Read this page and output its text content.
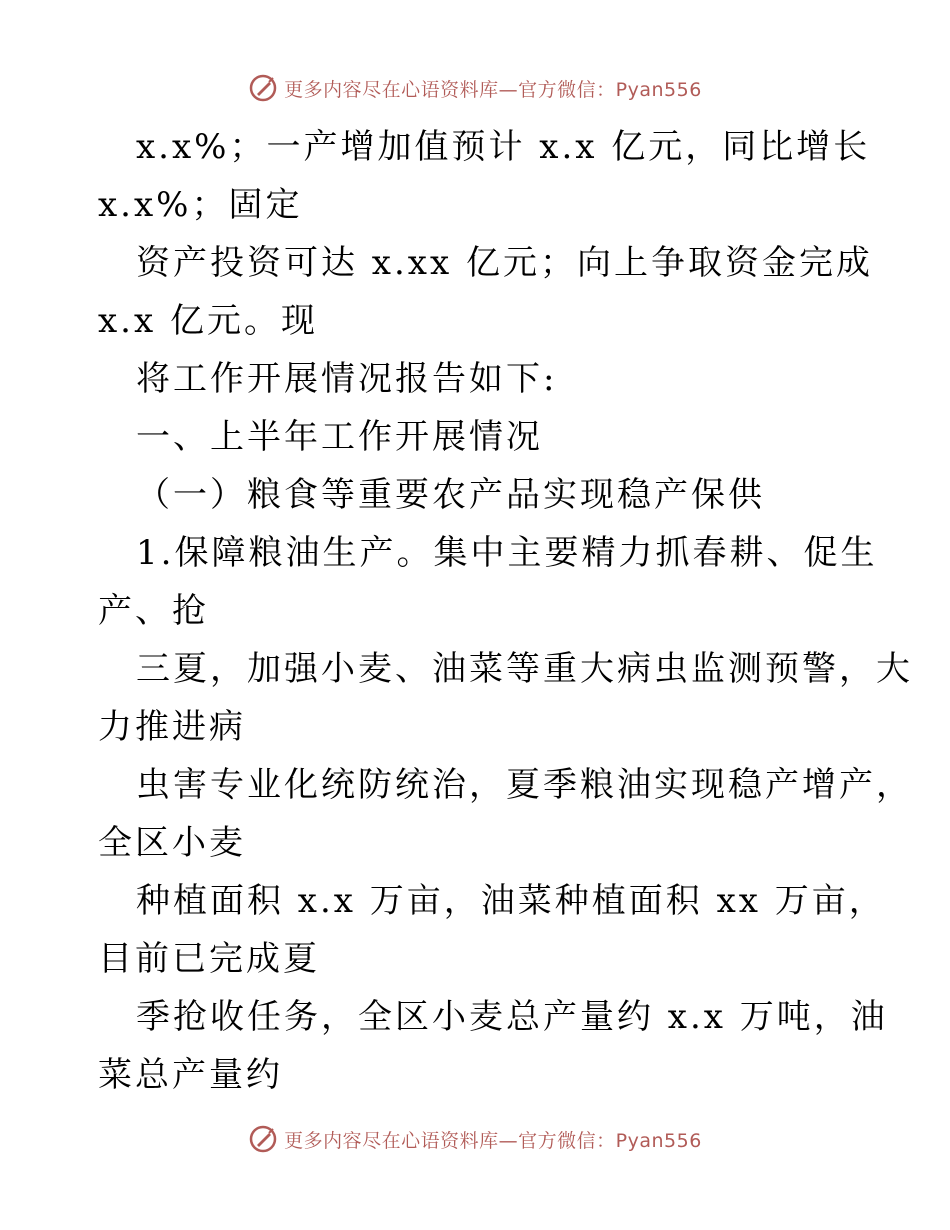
更多内容尽在心语资料库—官方微信：Pyan556
x.x%；一产增加值预计 x.x 亿元，同比增长
x.x%；固定
资产投资可达 x.xx 亿元；向上争取资金完成
x.x 亿元。现
将工作开展情况报告如下:
一、上半年工作开展情况
（一）粮食等重要农产品实现稳产保供
1.保障粮油生产。集中主要精力抓春耕、促生
产、抢
三夏，加强小麦、油菜等重大病虫监测预警，大
力推进病
虫害专业化统防统治，夏季粮油实现稳产增产，
全区小麦
种植面积 x.x 万亩，油菜种植面积 xx 万亩，
目前已完成夏
季抢收任务，全区小麦总产量约 x.x 万吨，油
菜总产量约
更多内容尽在心语资料库—官方微信：Pyan556
